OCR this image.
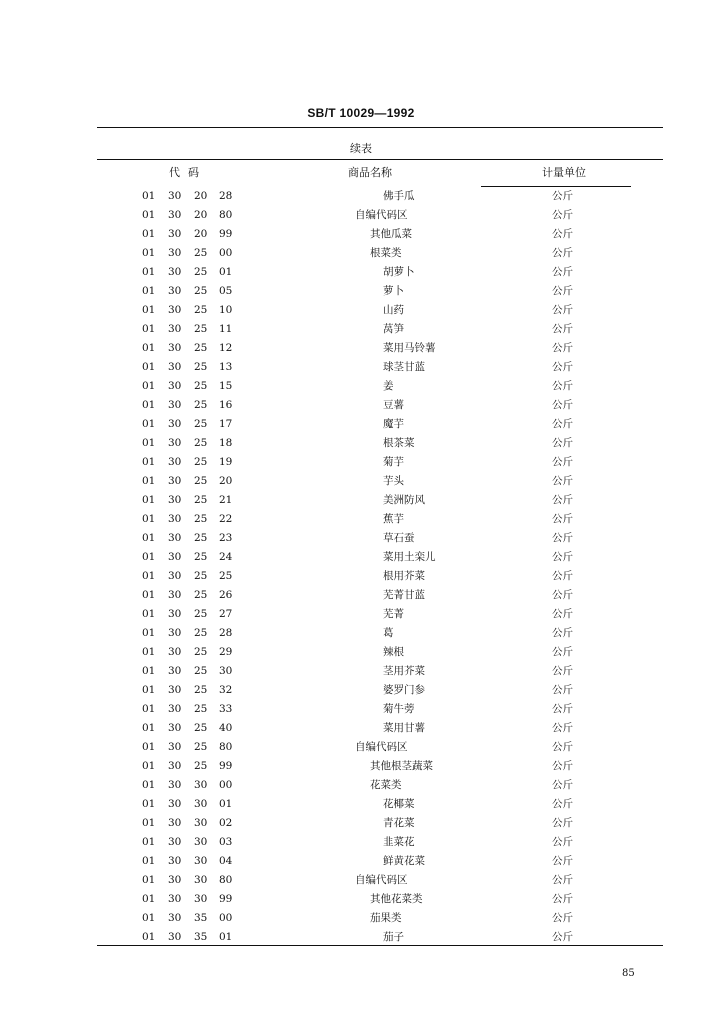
SB/T 10029—1992
续表
代码	商品名称	计量单位
01 30 20 28	佛手瓜	公斤
01 30 20 80	自编代码区	公斤
01 30 20 99	其他瓜菜	公斤
01 30 25 00	根菜类	公斤
01 30 25 01	胡萝卜	公斤
01 30 25 05	萝卜	公斤
01 30 25 10	山药	公斤
01 30 25 11	莴笋	公斤
01 30 25 12	菜用马铃薯	公斤
01 30 25 13	球茎甘蓝	公斤
01 30 25 15	姜	公斤
01 30 25 16	豆薯	公斤
01 30 25 17	魔芋	公斤
01 30 25 18	根茶菜	公斤
01 30 25 19	菊芋	公斤
01 30 25 20	芋头	公斤
01 30 25 21	美洲防风	公斤
01 30 25 22	蕉芋	公斤
01 30 25 23	草石蚕	公斤
01 30 25 24	菜用土栾儿	公斤
01 30 25 25	根用芥菜	公斤
01 30 25 26	芜菁甘蓝	公斤
01 30 25 27	芜菁	公斤
01 30 25 28	葛	公斤
01 30 25 29	辣根	公斤
01 30 25 30	茎用芥菜	公斤
01 30 25 32	婆罗门参	公斤
01 30 25 33	菊牛蒡	公斤
01 30 25 40	菜用甘薯	公斤
01 30 25 80	自编代码区	公斤
01 30 25 99	其他根茎蔬菜	公斤
01 30 30 00	花菜类	公斤
01 30 30 01	花椰菜	公斤
01 30 30 02	青花菜	公斤
01 30 30 03	韭菜花	公斤
01 30 30 04	鲜黄花菜	公斤
01 30 30 80	自编代码区	公斤
01 30 30 99	其他花菜类	公斤
01 30 35 00	茄果类	公斤
01 30 35 01	茄子	公斤
85
